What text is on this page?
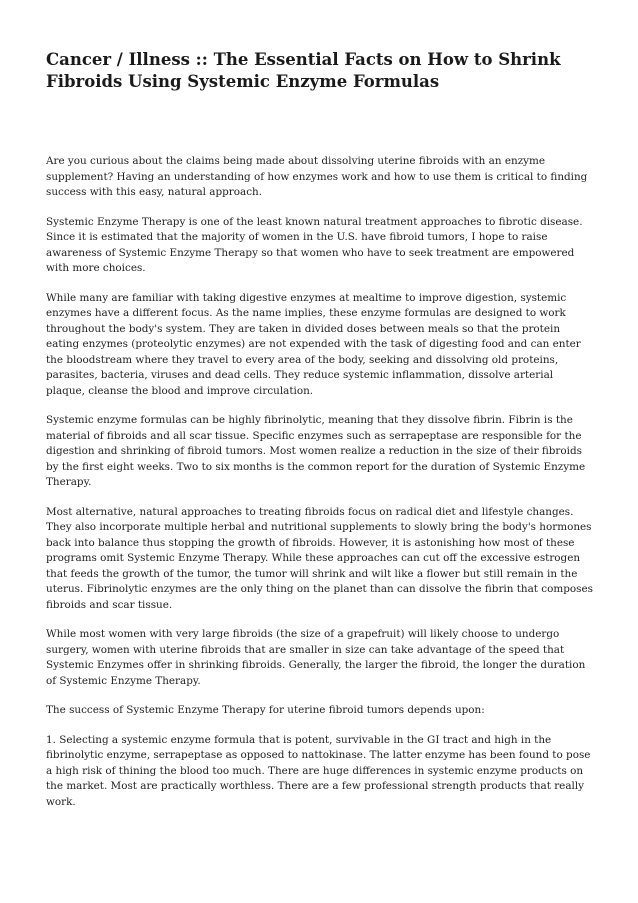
Cancer / Illness :: The Essential Facts on How to Shrink Fibroids Using Systemic Enzyme Formulas

Are you curious about the claims being made about dissolving uterine fibroids with an enzyme supplement? Having an understanding of how enzymes work and how to use them is critical to finding success with this easy, natural approach.

Systemic Enzyme Therapy is one of the least known natural treatment approaches to fibrotic disease. Since it is estimated that the majority of women in the U.S. have fibroid tumors, I hope to raise awareness of Systemic Enzyme Therapy so that women who have to seek treatment are empowered with more choices.

While many are familiar with taking digestive enzymes at mealtime to improve digestion, systemic enzymes have a different focus. As the name implies, these enzyme formulas are designed to work throughout the body's system. They are taken in divided doses between meals so that the protein eating enzymes (proteolytic enzymes) are not expended with the task of digesting food and can enter the bloodstream where they travel to every area of the body, seeking and dissolving old proteins, parasites, bacteria, viruses and dead cells. They reduce systemic inflammation, dissolve arterial plaque, cleanse the blood and improve circulation.

Systemic enzyme formulas can be highly fibrinolytic, meaning that they dissolve fibrin. Fibrin is the material of fibroids and all scar tissue. Specific enzymes such as serrapeptase are responsible for the digestion and shrinking of fibroid tumors. Most women realize a reduction in the size of their fibroids by the first eight weeks. Two to six months is the common report for the duration of Systemic Enzyme Therapy.

Most alternative, natural approaches to treating fibroids focus on radical diet and lifestyle changes. They also incorporate multiple herbal and nutritional supplements to slowly bring the body's hormones back into balance thus stopping the growth of fibroids. However, it is astonishing how most of these programs omit Systemic Enzyme Therapy. While these approaches can cut off the excessive estrogen that feeds the growth of the tumor, the tumor will shrink and wilt like a flower but still remain in the uterus. Fibrinolytic enzymes are the only thing on the planet than can dissolve the fibrin that composes fibroids and scar tissue.

While most women with very large fibroids (the size of a grapefruit) will likely choose to undergo surgery, women with uterine fibroids that are smaller in size can take advantage of the speed that Systemic Enzymes offer in shrinking fibroids. Generally, the larger the fibroid, the longer the duration of Systemic Enzyme Therapy.

The success of Systemic Enzyme Therapy for uterine fibroid tumors depends upon:

1. Selecting a systemic enzyme formula that is potent, survivable in the GI tract and high in the fibrinolytic enzyme, serrapeptase as opposed to nattokinase. The latter enzyme has been found to pose a high risk of thining the blood too much. There are huge differences in systemic enzyme products on the market. Most are practically worthless. There are a few professional strength products that really work.
